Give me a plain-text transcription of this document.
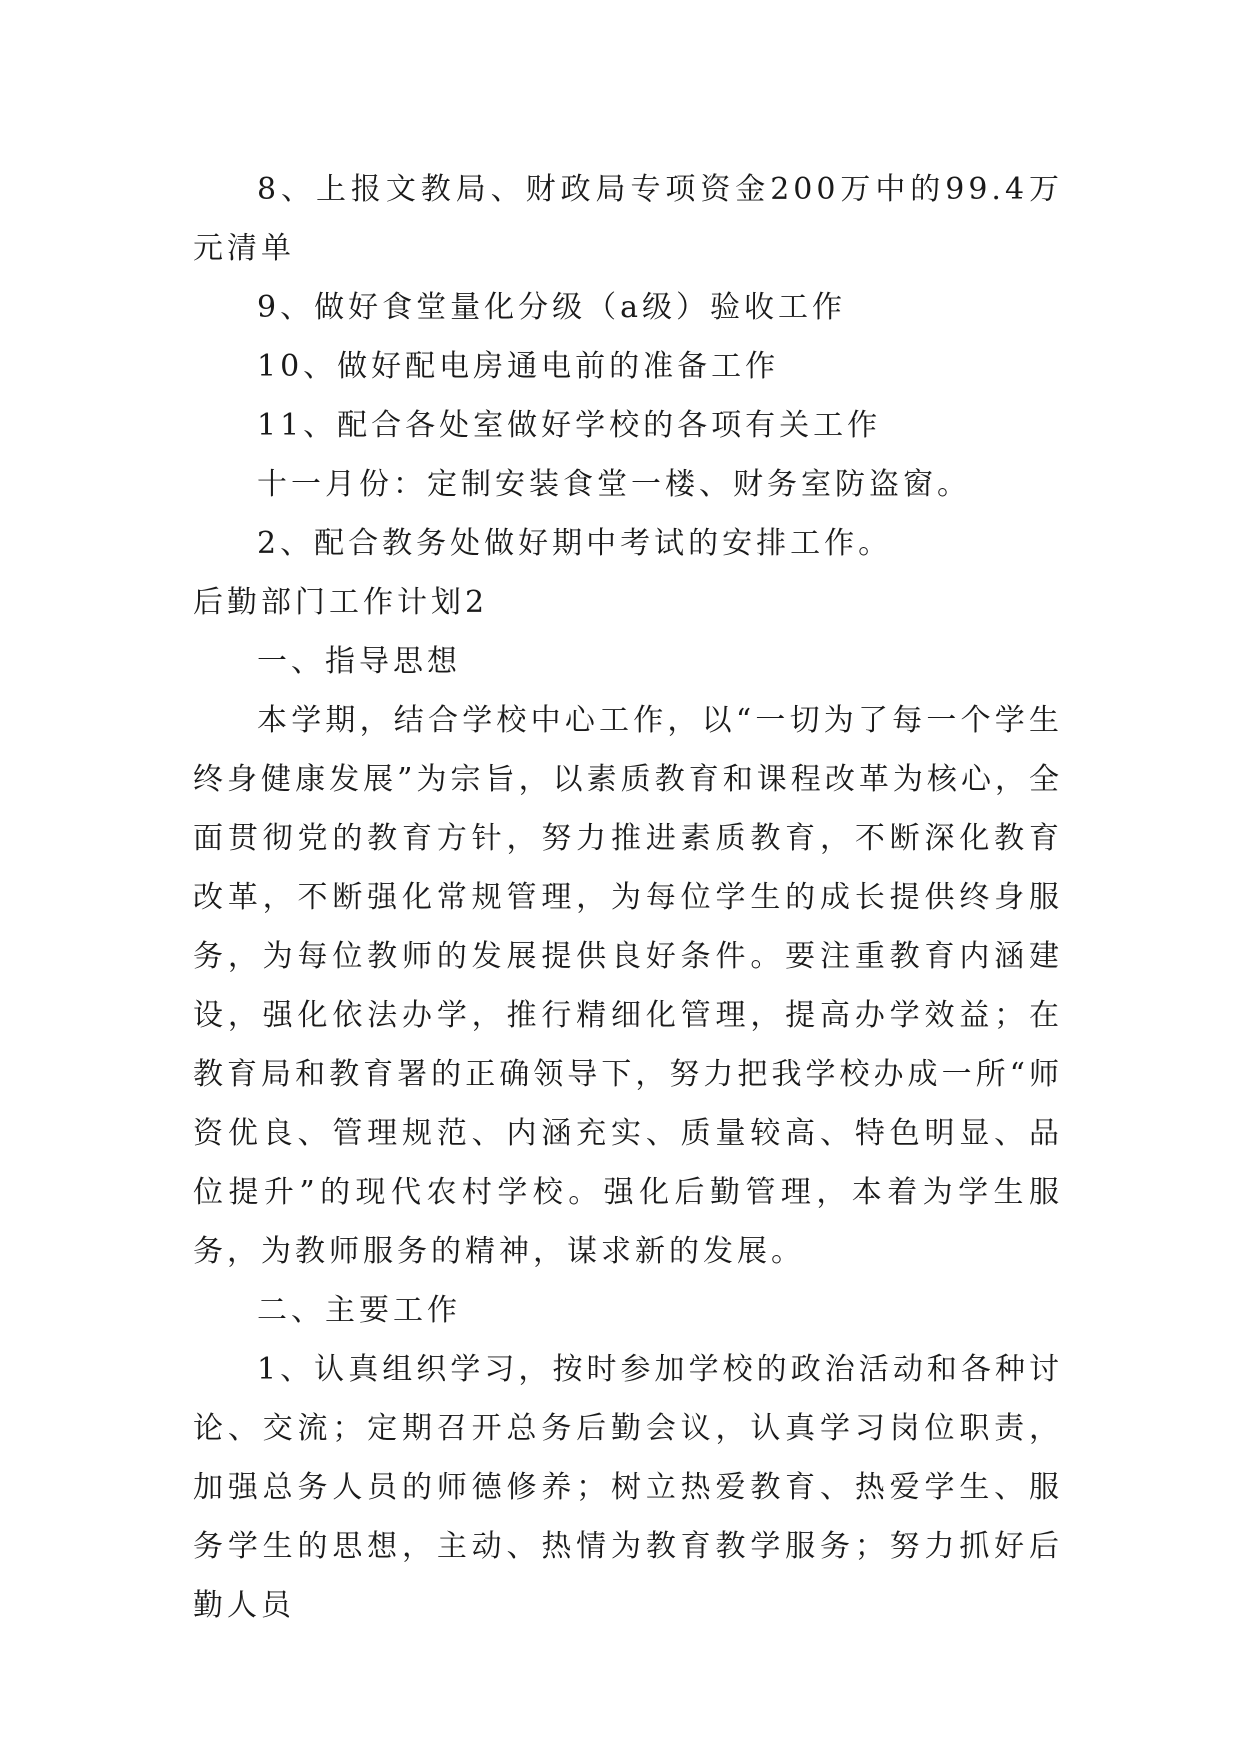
8、上报文教局、财政局专项资金200万中的99.4万元清单

9、做好食堂量化分级（a级）验收工作

10、做好配电房通电前的准备工作

11、配合各处室做好学校的各项有关工作

十一月份：定制安装食堂一楼、财务室防盗窗。

2、配合教务处做好期中考试的安排工作。

后勤部门工作计划2

一、指导思想

本学期，结合学校中心工作，以“一切为了每一个学生终身健康发展”为宗旨，以素质教育和课程改革为核心，全面贯彻党的教育方针，努力推进素质教育，不断深化教育改革，不断强化常规管理，为每位学生的成长提供终身服务，为每位教师的发展提供良好条件。要注重教育内涵建设，强化依法办学，推行精细化管理，提高办学效益；在教育局和教育署的正确领导下，努力把我学校办成一所“师资优良、管理规范、内涵充实、质量较高、特色明显、品位提升”的现代农村学校。强化后勤管理，本着为学生服务，为教师服务的精神，谋求新的发展。

二、主要工作

1、认真组织学习，按时参加学校的政治活动和各种讨论、交流；定期召开总务后勤会议，认真学习岗位职责，加强总务人员的师德修养；树立热爱教育、热爱学生、服务学生的思想，主动、热情为教育教学服务；努力抓好后勤人员
